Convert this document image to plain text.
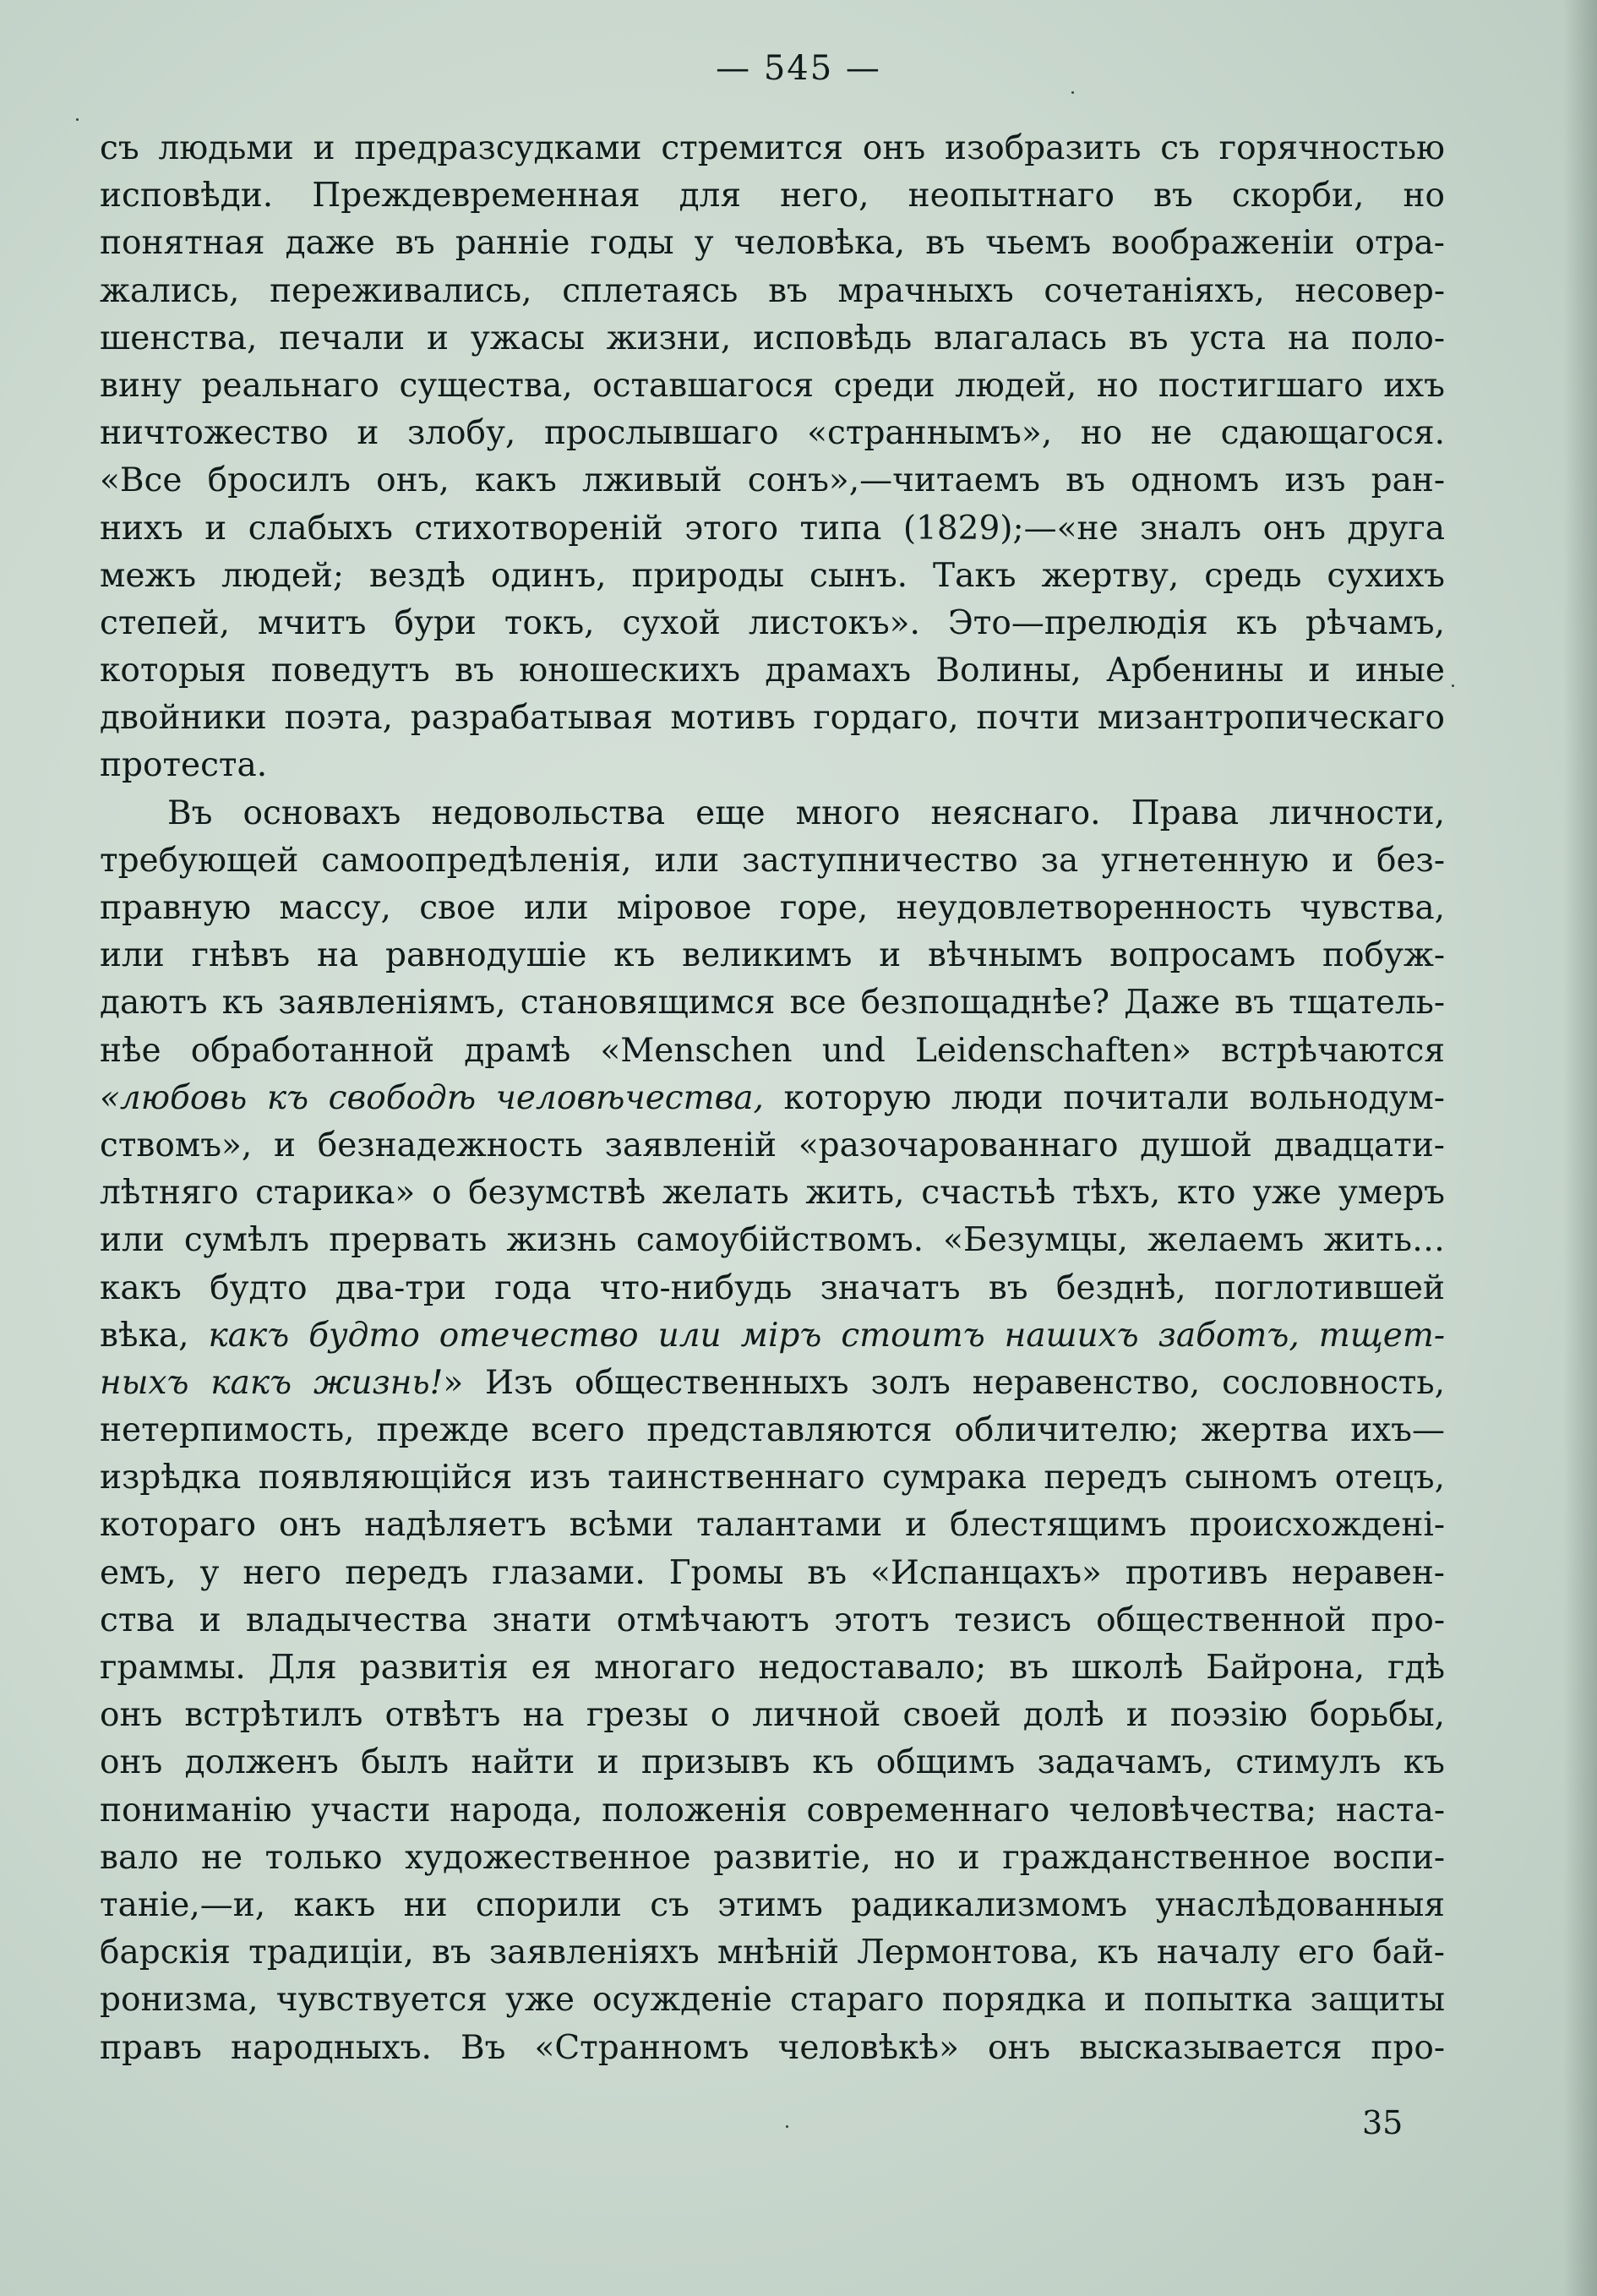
— 545 —
съ людьми и предразсудками стремится онъ изобразить съ горячностью
исповѣди. Преждевременная для него, неопытнаго въ скорби, но
понятная даже въ ранніе годы у человѣка, въ чьемъ воображеніи отра-
жались, переживались, сплетаясь въ мрачныхъ сочетаніяхъ, несовер-
шенства, печали и ужасы жизни, исповѣдь влагалась въ уста на поло-
вину реальнаго существа, оставшагося среди людей, но постигшаго ихъ
ничтожество и злобу, прослывшаго «страннымъ», но не сдающагося.
«Все бросилъ онъ, какъ лживый сонъ»,—читаемъ въ одномъ изъ ран-
нихъ и слабыхъ стихотвореній этого типа (1829);—«не зналъ онъ друга
межъ людей; вездѣ одинъ, природы сынъ. Такъ жертву, средь сухихъ
степей, мчитъ бури токъ, сухой листокъ». Это—прелюдія къ рѣчамъ,
которыя поведутъ въ юношескихъ драмахъ Волины, Арбенины и иные
двойники поэта, разрабатывая мотивъ гордаго, почти мизантропическаго
протеста.
Въ основахъ недовольства еще много неяснаго. Права личности,
требующей самоопредѣленія, или заступничество за угнетенную и без-
правную массу, свое или міровое горе, неудовлетворенность чувства,
или гнѣвъ на равнодушіе къ великимъ и вѣчнымъ вопросамъ побуж-
даютъ къ заявленіямъ, становящимся все безпощаднѣе? Даже въ тщатель-
нѣе обработанной драмѣ «Menschen und Leidenschaften» встрѣчаются
«любовь къ свободѣ человѣчества, которую люди почитали вольнодум-
ствомъ», и безнадежность заявленій «разочарованнаго душой двадцати-
лѣтняго старика» о безумствѣ желать жить, счастьѣ тѣхъ, кто уже умеръ
или сумѣлъ прервать жизнь самоубійствомъ. «Безумцы, желаемъ жить…
какъ будто два-три года что-нибудь значатъ въ безднѣ, поглотившей
вѣка, какъ будто отечество или міръ стоитъ нашихъ заботъ, тщет-
ныхъ какъ жизнь!» Изъ общественныхъ золъ неравенство, сословность,
нетерпимость, прежде всего представляются обличителю; жертва ихъ—
изрѣдка появляющійся изъ таинственнаго сумрака передъ сыномъ отецъ,
котораго онъ надѣляетъ всѣми талантами и блестящимъ происхожденi-
емъ, у него передъ глазами. Громы въ «Испанцахъ» противъ неравен-
ства и владычества знати отмѣчаютъ этотъ тезисъ общественной про-
граммы. Для развитія ея многаго недоставало; въ школѣ Байрона, гдѣ
онъ встрѣтилъ отвѣтъ на грезы о личной своей долѣ и поэзію борьбы,
онъ долженъ былъ найти и призывъ къ общимъ задачамъ, стимулъ къ
пониманію участи народа, положенія современнаго человѣчества; наста-
вало не только художественное развитіе, но и гражданственное воспи-
таніе,—и, какъ ни спорили съ этимъ радикализмомъ унаслѣдованныя
барскія традиціи, въ заявленіяхъ мнѣній Лермонтова, къ началу его бай-
ронизма, чувствуется уже осужденіе стараго порядка и попытка защиты
правъ народныхъ. Въ «Странномъ человѣкѣ» онъ высказывается про-
35
